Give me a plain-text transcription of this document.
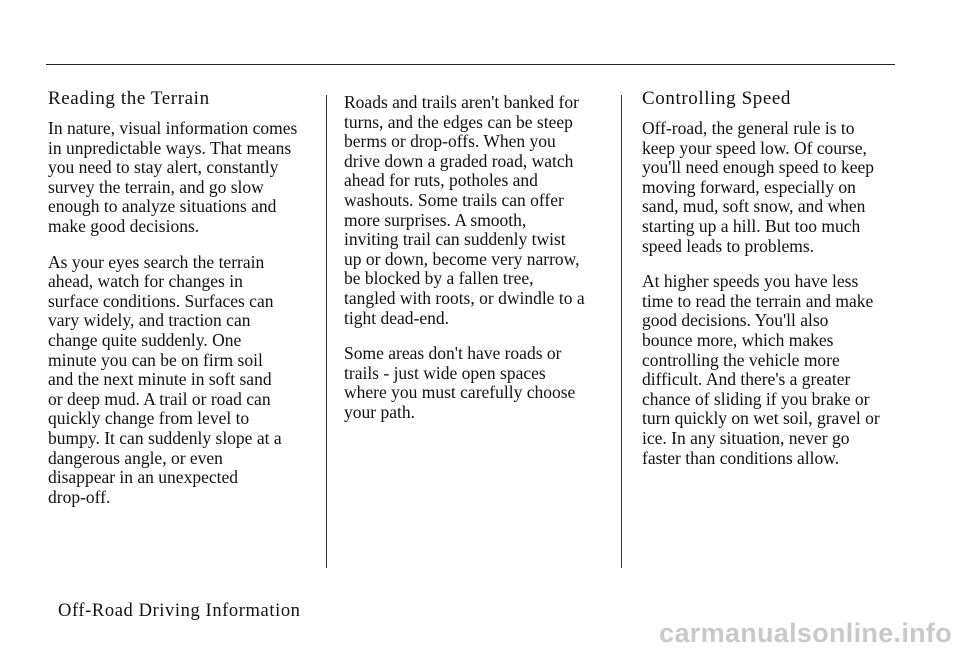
Reading the Terrain

In nature, visual information comes
in unpredictable ways. That means
you need to stay alert, constantly
survey the terrain, and go slow
enough to analyze situations and
make good decisions.

As your eyes search the terrain
ahead, watch for changes in
surface conditions. Surfaces can
vary widely, and traction can
change quite suddenly. One
minute you can be on firm soil
and the next minute in soft sand
or deep mud. A trail or road can
quickly change from level to
bumpy. It can suddenly slope at a
dangerous angle, or even
disappear in an unexpected
drop-off.

Roads and trails aren't banked for
turns, and the edges can be steep
berms or drop-offs. When you
drive down a graded road, watch
ahead for ruts, potholes and
washouts. Some trails can offer
more surprises. A smooth,
inviting trail can suddenly twist
up or down, become very narrow,
be blocked by a fallen tree,
tangled with roots, or dwindle to a
tight dead-end.

Some areas don't have roads or
trails - just wide open spaces
where you must carefully choose
your path.

Controlling Speed

Off-road, the general rule is to
keep your speed low. Of course,
you'll need enough speed to keep
moving forward, especially on
sand, mud, soft snow, and when
starting up a hill. But too much
speed leads to problems.

At higher speeds you have less
time to read the terrain and make
good decisions. You'll also
bounce more, which makes
controlling the vehicle more
difficult. And there's a greater
chance of sliding if you brake or
turn quickly on wet soil, gravel or
ice. In any situation, never go
faster than conditions allow.

Off-Road Driving Information
carmanualsonline.info
